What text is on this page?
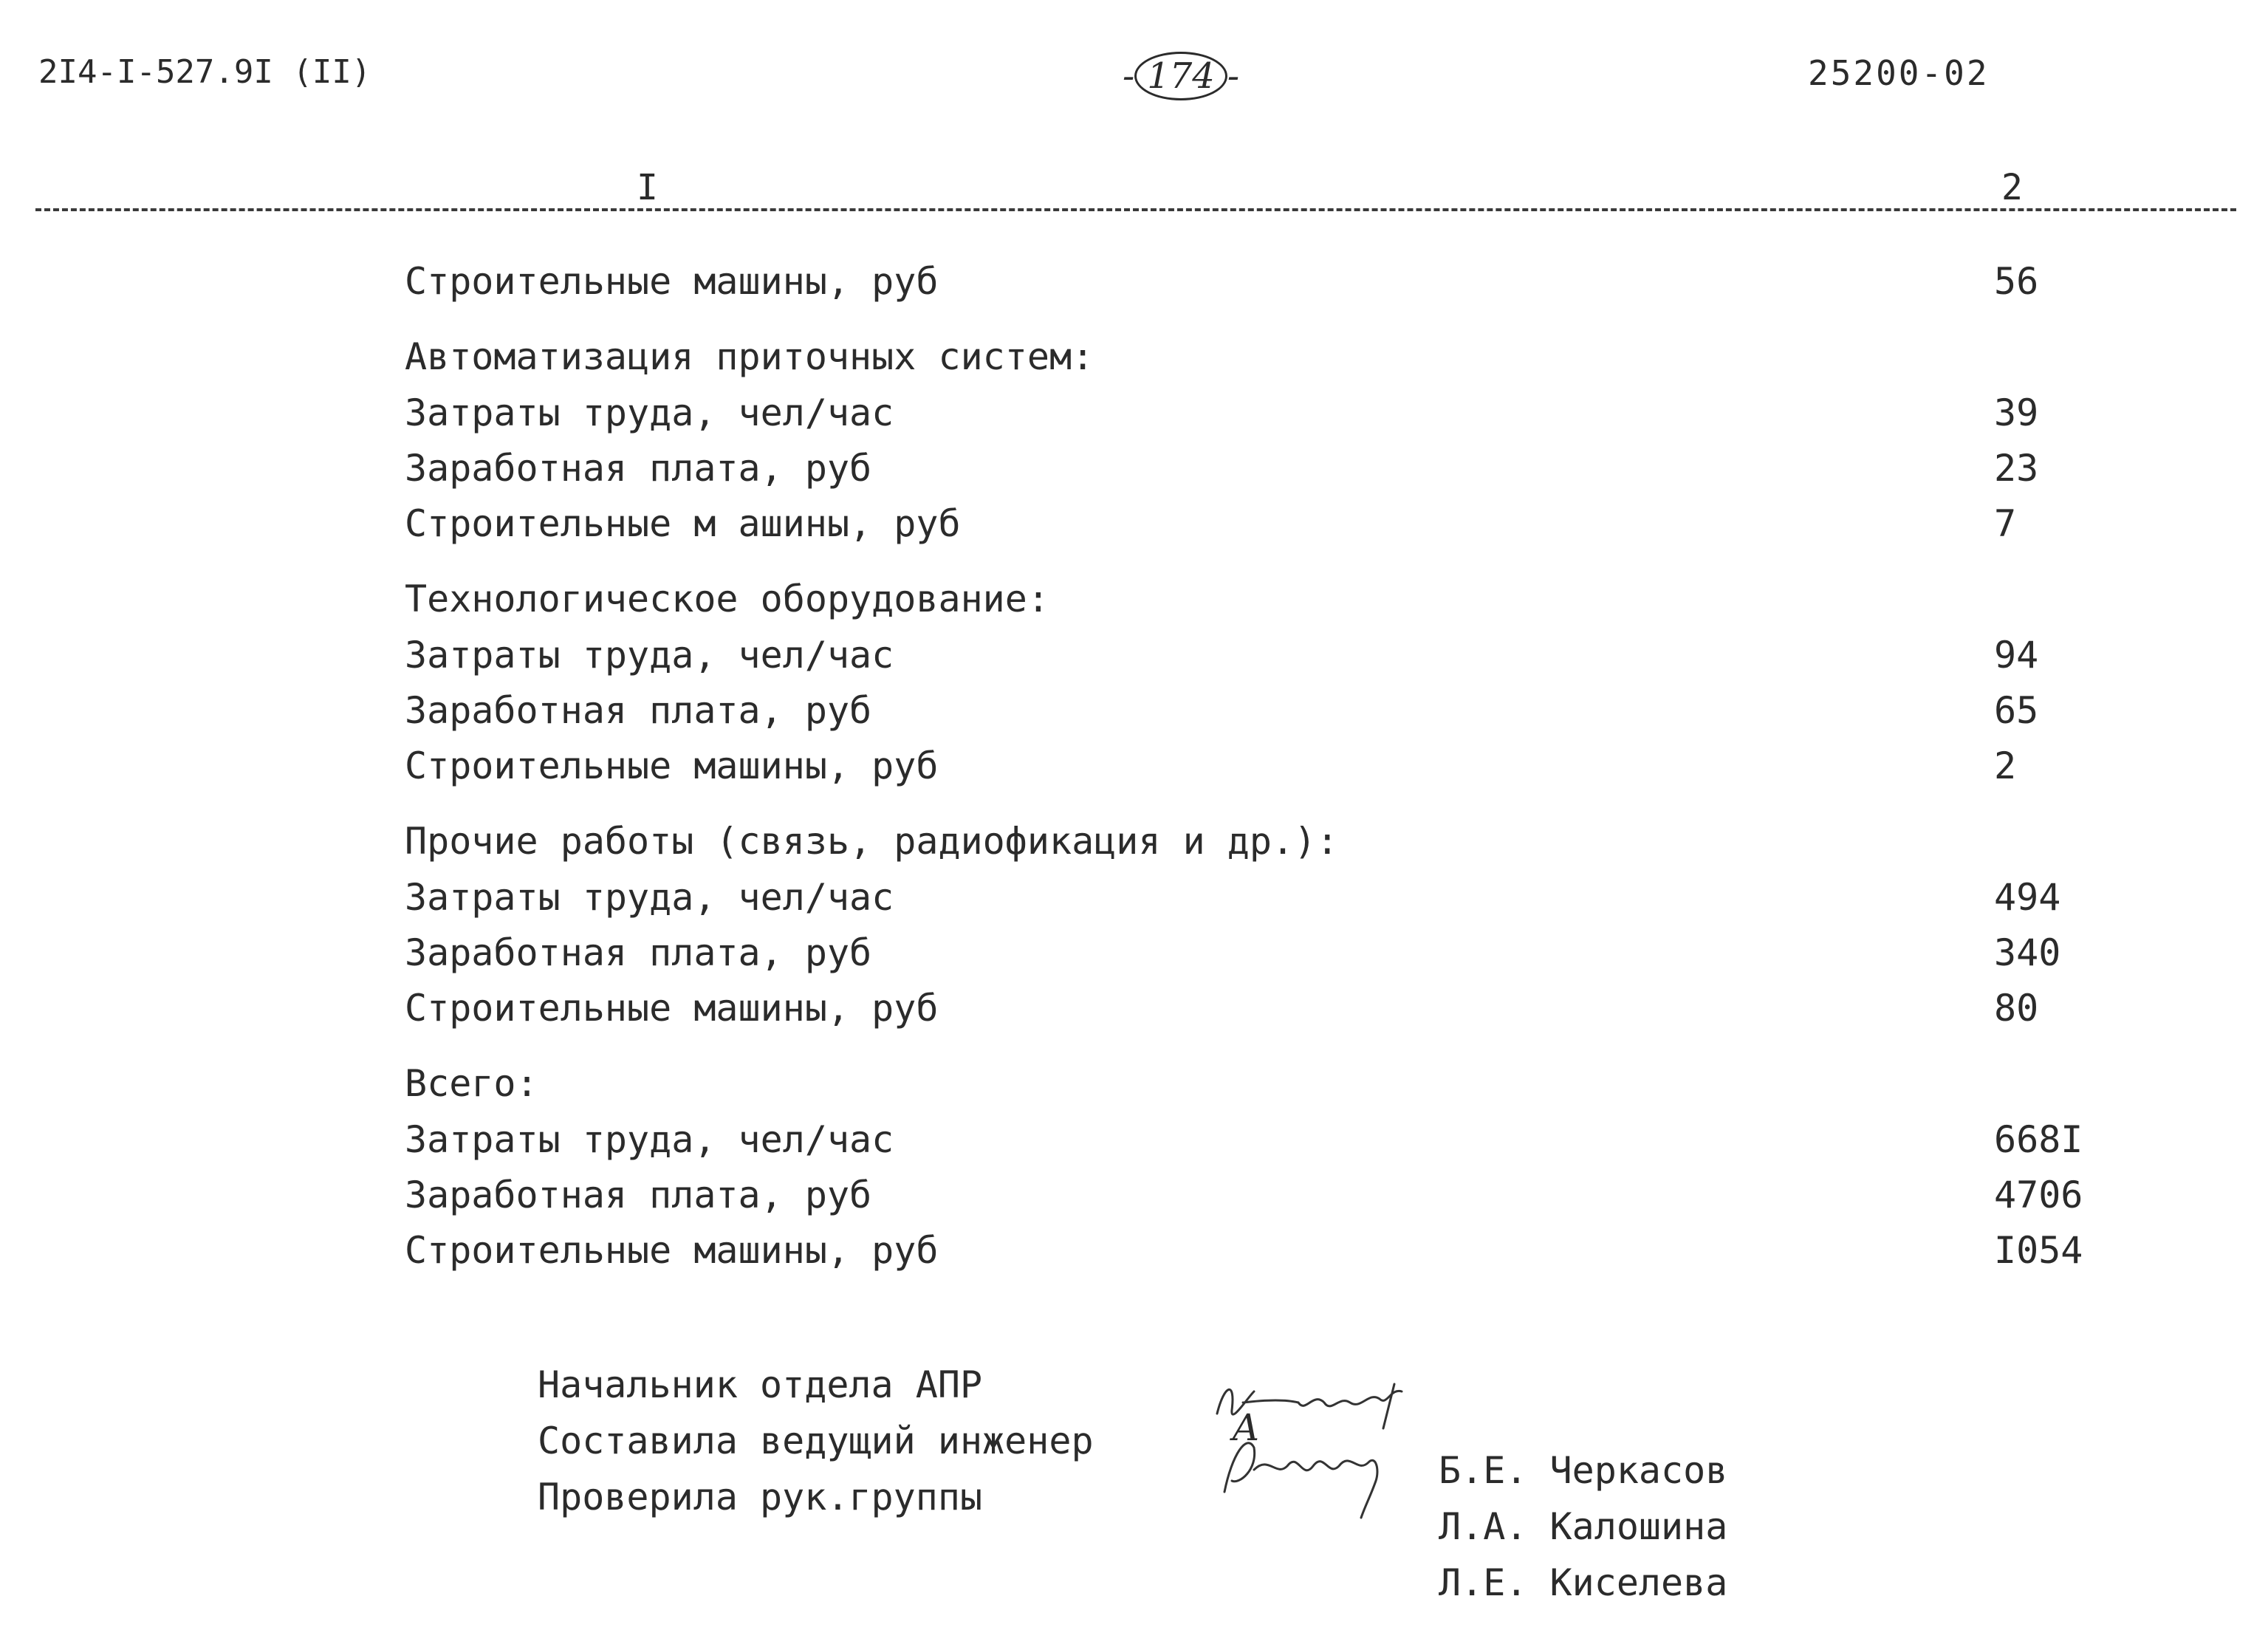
2I4-I-527.9I (II)	- 174 -	25200-02
I	2
Строительные машины, руб	56
Автоматизация приточных систем:
Затраты труда, чел/час	39
Заработная плата, руб	23
Строительные м ашины, руб	7
Технологическое оборудование:
Затраты труда, чел/час	94
Заработная плата, руб	65
Строительные машины, руб	2
Прочие работы (связь, радиофикация и др.):
Затраты труда, чел/час	494
Заработная плата, руб	340
Строительные машины, руб	80
Всего:
Затраты труда, чел/час	668I
Заработная плата, руб	4706
Строительные машины, руб	I054

Начальник отдела АПР

А

Б.Е. Черкасов

Составила ведущий инженер

Л.А. Калошина

Проверила рук.группы

Л.Е. Киселева
